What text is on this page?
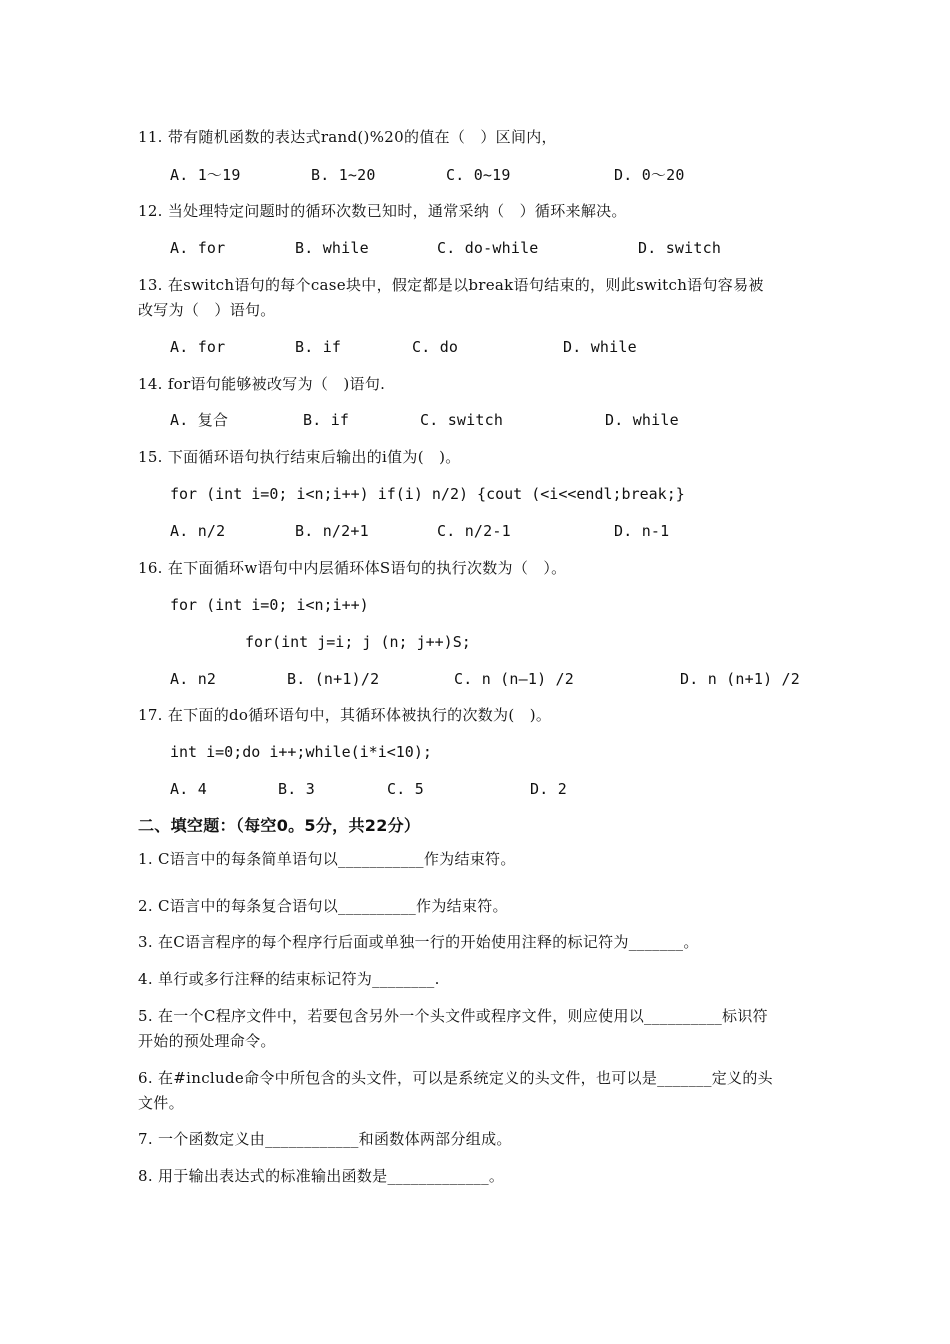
11. 带有随机函数的表达式rand()%20的值在（   ）区间内，
A. 1～19	B. 1~20	C. 0~19	D. 0～20
12. 当处理特定问题时的循环次数已知时，通常采纳（   ）循环来解决。
A. for	B. while	C. do-while	D. switch
13. 在switch语句的每个case块中，假定都是以break语句结束的，则此switch语句容易被
改写为（   ）语句。
A. for	B. if	C. do	D. while
14. for语句能够被改写为（   )语句.
A. 复合	B. if	C. switch	D. while
15. 下面循环语句执行结束后输出的i值为(   )。
for (int i=0; i<n;i++) if(i) n/2) {cout (<i<<endl;break;}
A. n/2	B. n/2+1	C. n/2-1	D. n-1
16. 在下面循环w语句中内层循环体S语句的执行次数为（   ）。
for (int i=0; i<n;i++)
for(int j=i; j (n; j++)S;
A. n2	B. (n+1)/2	C. n (n—1) /2	D. n (n+1) /2
17. 在下面的do循环语句中，其循环体被执行的次数为(   )。
int i=0;do i++;while(i*i<10);
A. 4	B. 3	C. 5	D. 2
二、填空题：（每空0。5分，共22分）
1. C语言中的每条简单语句以___________作为结束符。
2. C语言中的每条复合语句以__________作为结束符。
3. 在C语言程序的每个程序行后面或单独一行的开始使用注释的标记符为_______。
4. 单行或多行注释的结束标记符为________.
5. 在一个C程序文件中，若要包含另外一个头文件或程序文件，则应使用以__________标识符
开始的预处理命令。
6. 在#include命令中所包含的头文件，可以是系统定义的头文件，也可以是_______定义的头
文件。
7. 一个函数定义由____________和函数体两部分组成。
8. 用于输出表达式的标准输出函数是_____________。
